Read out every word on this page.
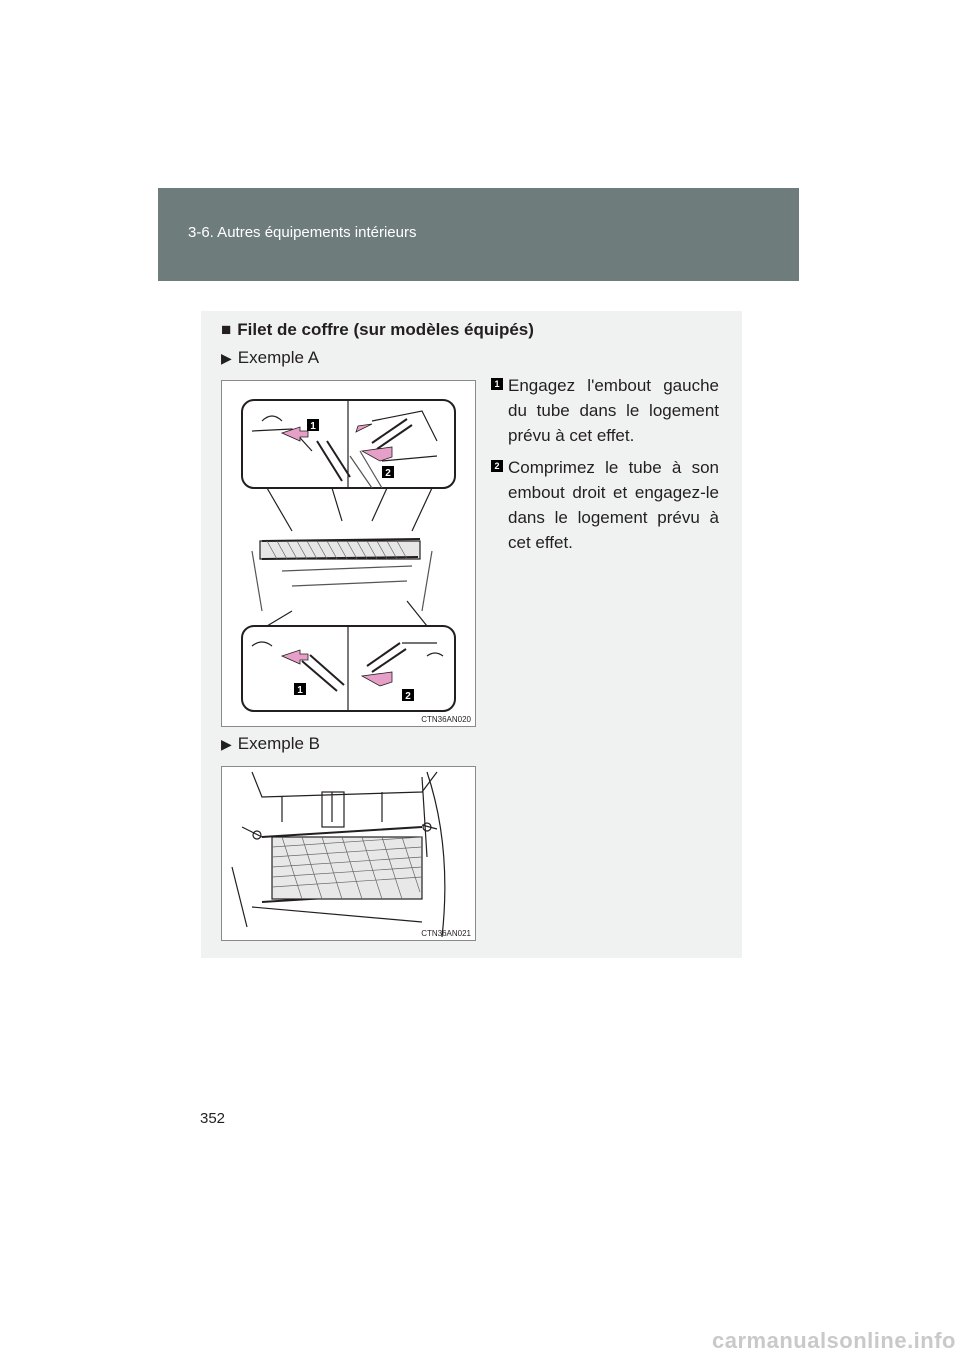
3-6. Autres équipements intérieurs
■ Filet de coffre (sur modèles équipés)
▶ Exemple A
1
2
1
2
CTN36AN020
▶ Exemple B
CTN36AN021
1 Engagez l'embout gauche du tube dans le logement prévu à cet effet.
2 Comprimez le tube à son embout droit et engagez-le dans le logement prévu à cet effet.
352
carmanualsonline.info
